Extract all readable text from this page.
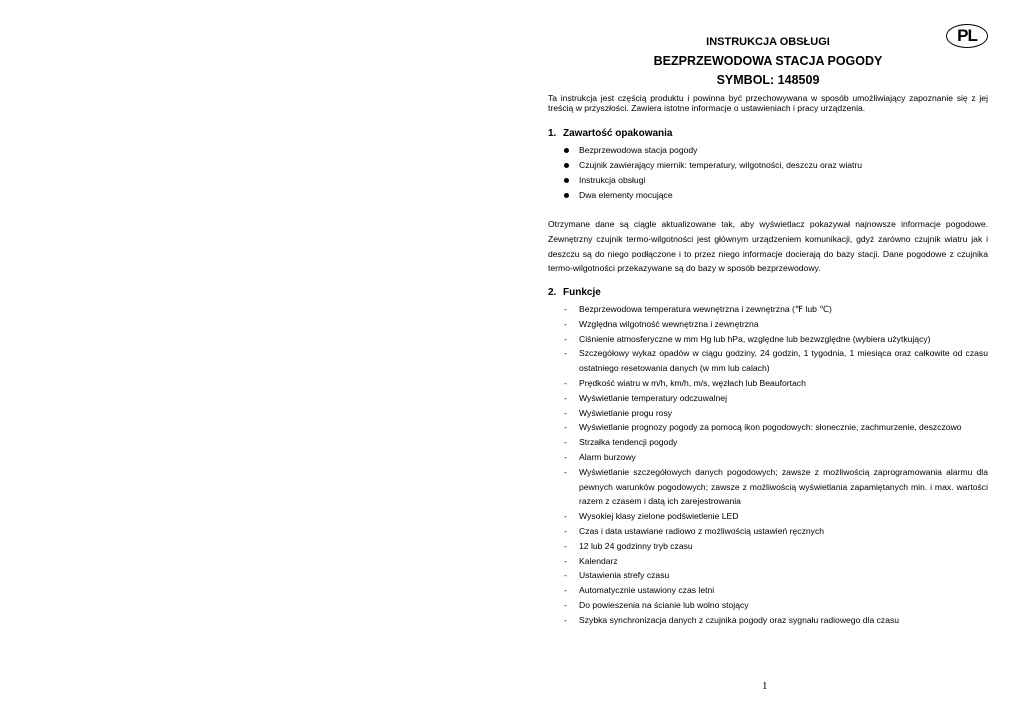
PL
INSTRUKCJA OBSŁUGI
BEZPRZEWODOWA STACJA POGODY
SYMBOL: 148509
Ta instrukcja jest częścią produktu i powinna być przechowywana w sposób umożliwiający zapoznanie się z jej treścią w przyszłości. Zawiera istotne informacje o ustawieniach i pracy urządzenia.
1. Zawartość opakowania
Bezprzewodowa stacja pogody
Czujnik zawierający miernik: temperatury, wilgotności, deszczu oraz wiatru
Instrukcja obsługi
Dwa elementy mocujące
Otrzymane dane są ciągle aktualizowane tak, aby wyświetlacz pokazywał najnowsze informacje pogodowe. Zewnętrzny czujnik termo-wilgotności jest głównym urządzeniem komunikacji, gdyż zarówno czujnik wiatru jak i deszczu są do niego podłączone i to przez niego informacje docierają do bazy stacji. Dane pogodowe z czujnika termo-wilgotności przekazywane są do bazy w sposób bezprzewodowy.
2. Funkcje
-	Bezprzewodowa temperatura wewnętrzna i zewnętrzna (℉ lub ℃)
-	Względna wilgotność wewnętrzna i zewnętrzna
-	Ciśnienie atmosferyczne w mm Hg lub hPa, względne lub bezwzględne (wybiera użytkujący)
-	Szczegółowy wykaz opadów w ciągu godziny, 24 godzin, 1 tygodnia, 1 miesiąca oraz całkowite od czasu ostatniego resetowania danych (w mm lub calach)
-	Prędkość wiatru w m/h, km/h, m/s, węzłach lub Beaufortach
-	Wyświetlanie temperatury odczuwalnej
-	Wyświetlanie progu rosy
-	Wyświetlanie prognozy pogody za pomocą ikon pogodowych: słonecznie, zachmurzenie, deszczowo
-	Strzałka tendencji pogody
-	Alarm burzowy
-	Wyświetlanie szczegółowych danych pogodowych; zawsze z możliwością zaprogramowania alarmu dla pewnych warunków pogodowych; zawsze z możliwością wyświetlania zapamiętanych min. i max. wartości razem z czasem i datą ich zarejestrowania
-	Wysokiej klasy zielone podświetlenie LED
-	Czas i data ustawiane radiowo z możliwością ustawień ręcznych
-	12 lub 24 godzinny tryb czasu
-	Kalendarz
-	Ustawienia strefy czasu
-	Automatycznie ustawiony czas letni
-	Do powieszenia na ścianie lub wolno stojący
-	Szybka synchronizacja danych z czujnika pogody oraz sygnału radiowego dla czasu
1
